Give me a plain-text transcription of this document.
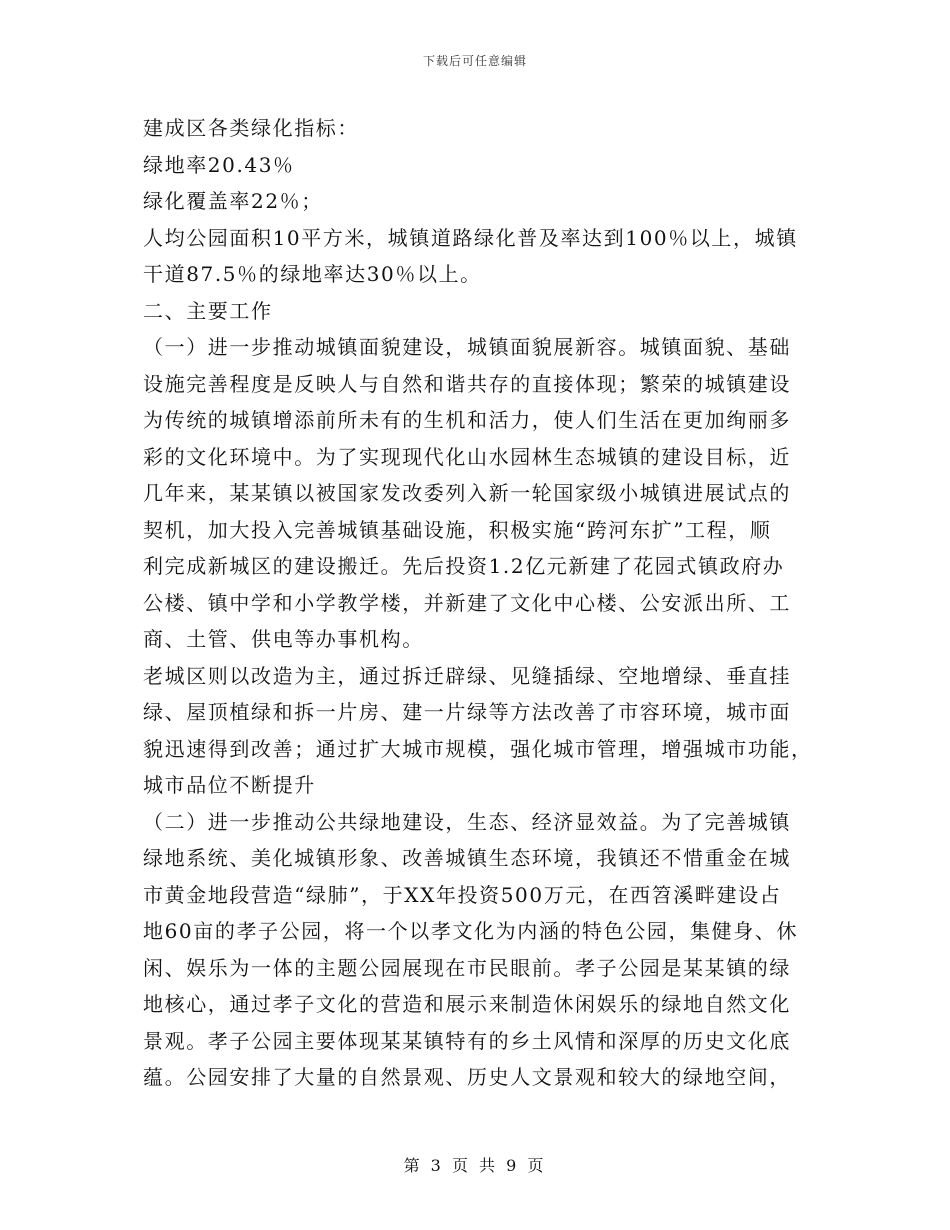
下载后可任意编辑
建成区各类绿化指标：
绿地率20.43％
绿化覆盖率22％；
人均公园面积10平方米，城镇道路绿化普及率达到100％以上，城镇
干道87.5％的绿地率达30％以上。
二、主要工作
（一）进一步推动城镇面貌建设，城镇面貌展新容。城镇面貌、基础
设施完善程度是反映人与自然和谐共存的直接体现；繁荣的城镇建设
为传统的城镇增添前所未有的生机和活力，使人们生活在更加绚丽多
彩的文化环境中。为了实现现代化山水园林生态城镇的建设目标，近
几年来，某某镇以被国家发改委列入新一轮国家级小城镇进展试点的
契机，加大投入完善城镇基础设施，积极实施“跨河东扩”工程，顺
利完成新城区的建设搬迁。先后投资1.2亿元新建了花园式镇政府办
公楼、镇中学和小学教学楼，并新建了文化中心楼、公安派出所、工
商、土管、供电等办事机构。
老城区则以改造为主，通过拆迁辟绿、见缝插绿、空地增绿、垂直挂
绿、屋顶植绿和拆一片房、建一片绿等方法改善了市容环境，城市面
貌迅速得到改善；通过扩大城市规模，强化城市管理，增强城市功能，
城市品位不断提升
（二）进一步推动公共绿地建设，生态、经济显效益。为了完善城镇
绿地系统、美化城镇形象、改善城镇生态环境，我镇还不惜重金在城
市黄金地段营造“绿肺”，于XX年投资500万元，在西笤溪畔建设占
地60亩的孝子公园，将一个以孝文化为内涵的特色公园，集健身、休
闲、娱乐为一体的主题公园展现在市民眼前。孝子公园是某某镇的绿
地核心，通过孝子文化的营造和展示来制造休闲娱乐的绿地自然文化
景观。孝子公园主要体现某某镇特有的乡土风情和深厚的历史文化底
蕴。公园安排了大量的自然景观、历史人文景观和较大的绿地空间，
第 3 页 共 9 页
